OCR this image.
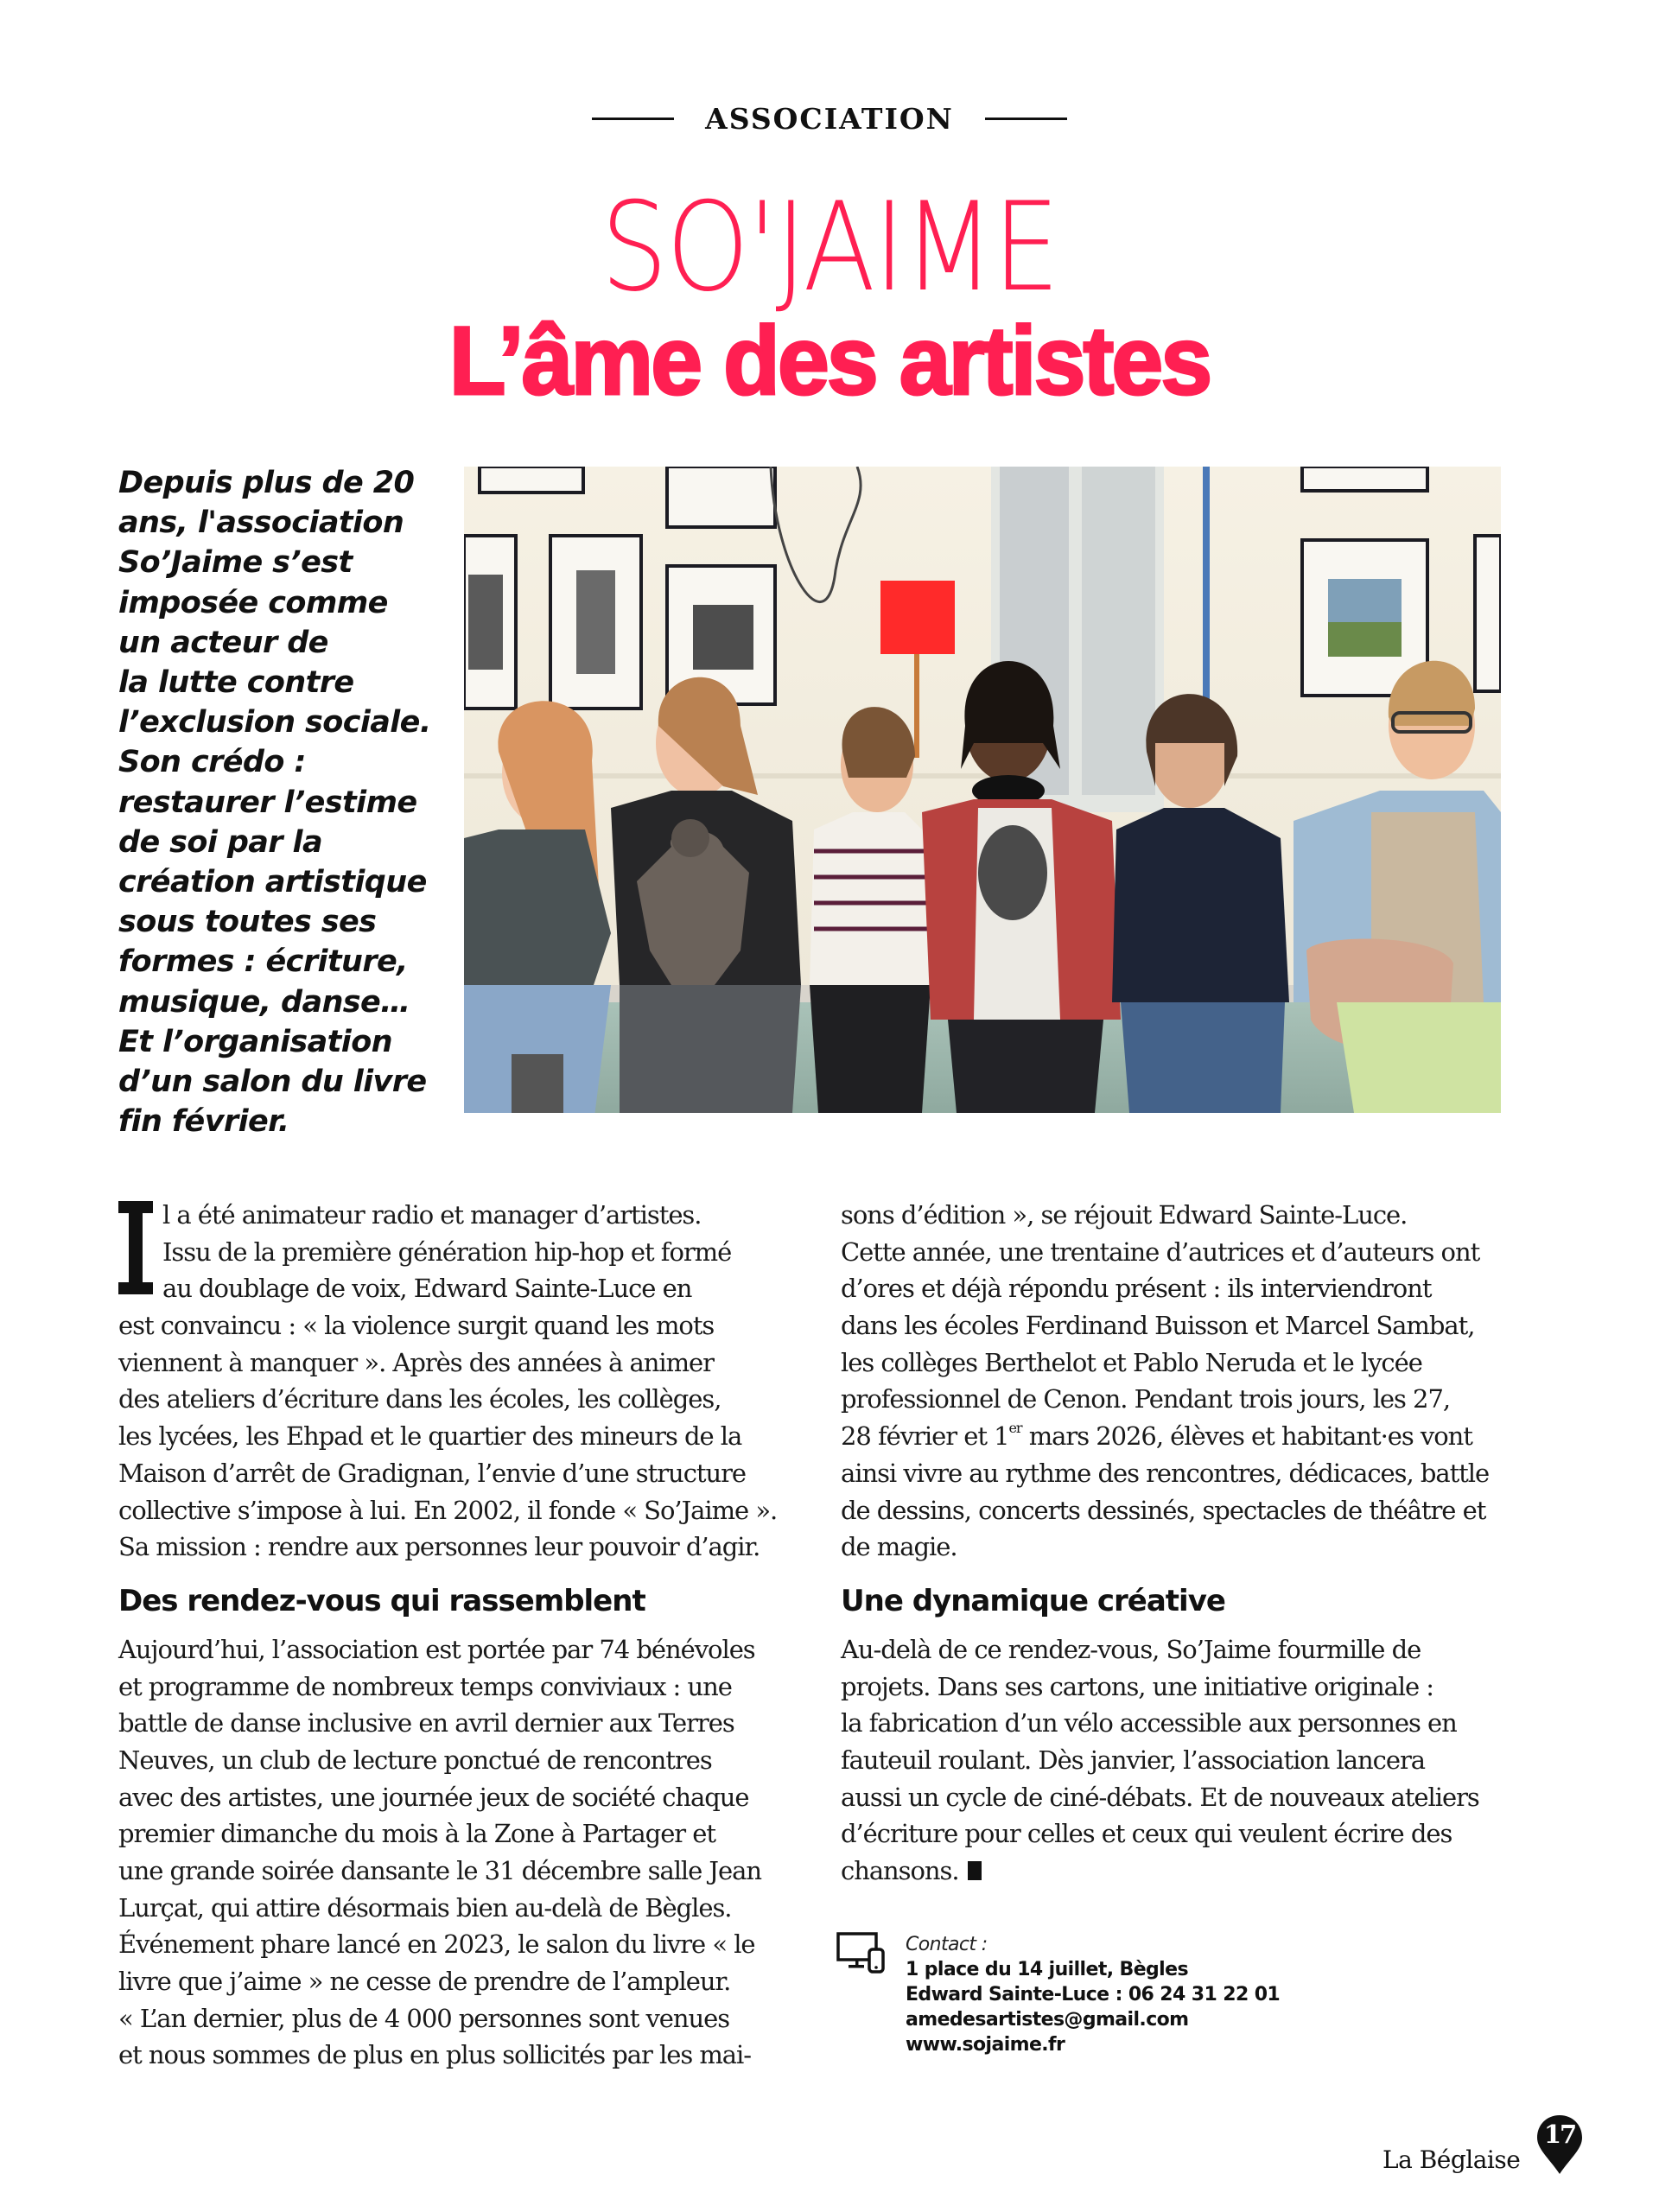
ASSOCIATION
SO'JAIME
L’âme des artistes
Depuis plus de 20
ans, l'association
So’Jaime s’est
imposée comme
un acteur de
la lutte contre
l’exclusion sociale.
Son crédo :
restaurer l’estime
de soi par la
création artistique
sous toutes ses
formes : écriture,
musique, danse…
Et l’organisation
d’un salon du livre
fin février.
l a été animateur radio et manager d’artistes.
Issu de la première génération hip-hop et formé
au doublage de voix, Edward Sainte-Luce en
est convaincu : « la violence surgit quand les mots
viennent à manquer ». Après des années à animer
des ateliers d’écriture dans les écoles, les collèges,
les lycées, les Ehpad et le quartier des mineurs de la
Maison d’arrêt de Gradignan, l’envie d’une structure
collective s’impose à lui. En 2002, il fonde « So’Jaime ».
Sa mission : rendre aux personnes leur pouvoir d’agir.
Des rendez-vous qui rassemblent
Aujourd’hui, l’association est portée par 74 bénévoles
et programme de nombreux temps conviviaux : une
battle de danse inclusive en avril dernier aux Terres
Neuves, un club de lecture ponctué de rencontres
avec des artistes, une journée jeux de société chaque
premier dimanche du mois à la Zone à Partager et
une grande soirée dansante le 31 décembre salle Jean
Lurçat, qui attire désormais bien au-delà de Bègles.
Événement phare lancé en 2023, le salon du livre « le
livre que j’aime » ne cesse de prendre de l’ampleur.
« L’an dernier, plus de 4 000 personnes sont venues
et nous sommes de plus en plus sollicités par les mai-
sons d’édition », se réjouit Edward Sainte-Luce.
Cette année, une trentaine d’autrices et d’auteurs ont
d’ores et déjà répondu présent : ils interviendront
dans les écoles Ferdinand Buisson et Marcel Sambat,
les collèges Berthelot et Pablo Neruda et le lycée
professionnel de Cenon. Pendant trois jours, les 27,
28 février et 1er mars 2026, élèves et habitant·es vont
ainsi vivre au rythme des rencontres, dédicaces, battle
de dessins, concerts dessinés, spectacles de théâtre et
de magie.
Une dynamique créative
Au-delà de ce rendez-vous, So’Jaime fourmille de
projets. Dans ses cartons, une initiative originale :
la fabrication d’un vélo accessible aux personnes en
fauteuil roulant. Dès janvier, l’association lancera
aussi un cycle de ciné-débats. Et de nouveaux ateliers
d’écriture pour celles et ceux qui veulent écrire des
chansons.
Contact :
1 place du 14 juillet, Bègles
Edward Sainte-Luce : 06 24 31 22 01
amedesartistes@gmail.com
www.sojaime.fr
La Béglaise
17
